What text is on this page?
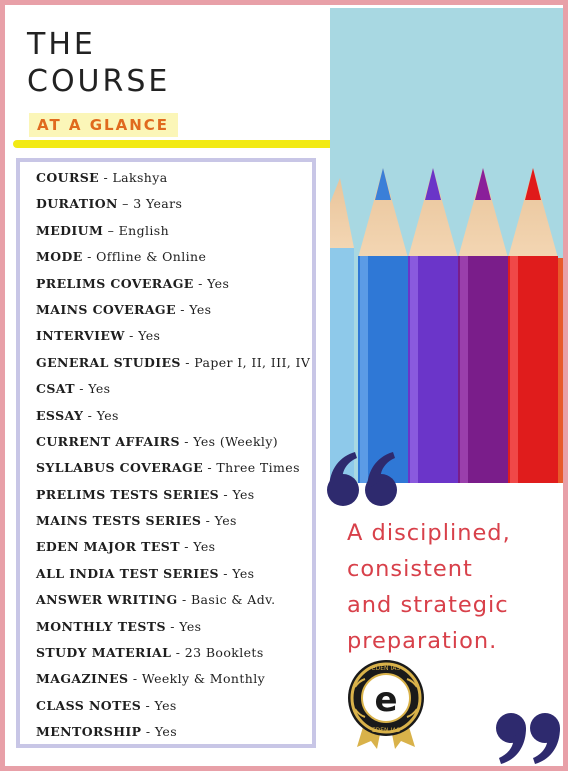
THE
COURSE
AT A GLANCE
COURSE - Lakshya
DURATION – 3 Years
MEDIUM – English
MODE - Offline & Online
PRELIMS COVERAGE - Yes
MAINS COVERAGE - Yes
INTERVIEW - Yes
GENERAL STUDIES - Paper I, II, III, IV
CSAT - Yes
ESSAY - Yes
CURRENT AFFAIRS - Yes (Weekly)
SYLLABUS COVERAGE - Three Times
PRELIMS TESTS SERIES - Yes
MAINS TESTS SERIES - Yes
EDEN MAJOR TEST - Yes
ALL INDIA TEST SERIES - Yes
ANSWER WRITING - Basic & Adv.
MONTHLY TESTS - Yes
STUDY MATERIAL - 23 Booklets
MAGAZINES - Weekly & Monthly
CLASS NOTES - Yes
MENTORSHIP - Yes
A disciplined,
consistent
and strategic
preparation.
e
EDEN IAS
EDEN IAS
